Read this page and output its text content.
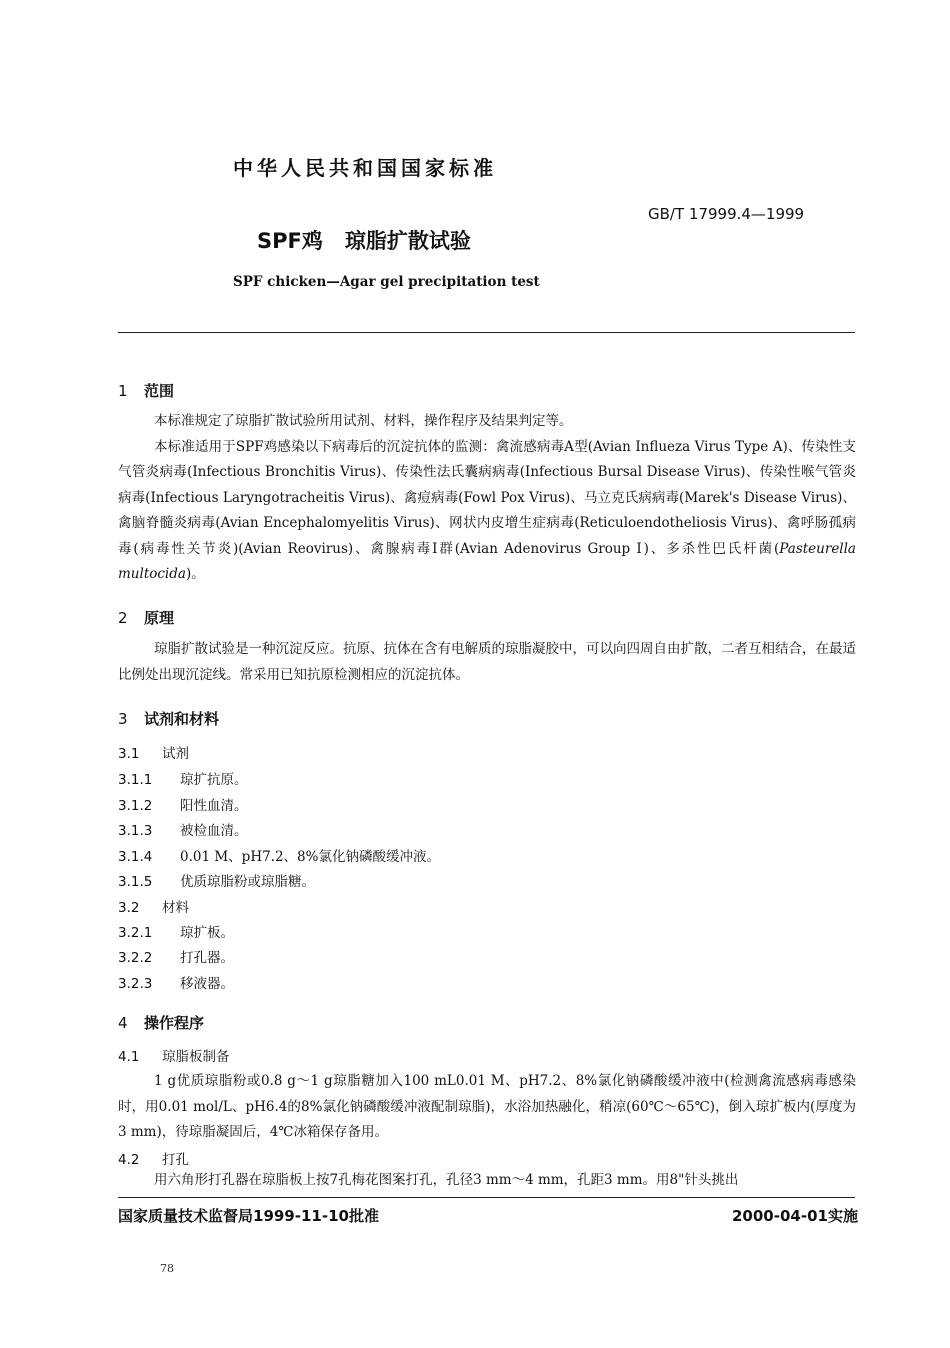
中华人民共和国国家标准
GB/T 17999.4—1999
SPF鸡 琼脂扩散试验
SPF chicken—Agar gel precipitation test
1 范围

本标准规定了琼脂扩散试验所用试剂、材料，操作程序及结果判定等。

本标准适用于SPF鸡感染以下病毒后的沉淀抗体的监测：禽流感病毒A型(Avian Influeza Virus Type A)、传染性支气管炎病毒(Infectious Bronchitis Virus)、传染性法氏囊病病毒(Infectious Bursal Disease Virus)、传染性喉气管炎病毒(Infectious Laryngotracheitis Virus)、禽痘病毒(Fowl Pox Virus)、马立克氏病病毒(Marek's Disease Virus)、禽脑脊髓炎病毒(Avian Encephalomyelitis Virus)、网状内皮增生症病毒(Reticuloendotheliosis Virus)、禽呼肠孤病毒(病毒性关节炎)(Avian Reovirus)、禽腺病毒Ⅰ群(Avian Adenovirus Group Ⅰ)、多杀性巴氏杆菌(Pasteurella multocida)。

2 原理

琼脂扩散试验是一种沉淀反应。抗原、抗体在含有电解质的琼脂凝胶中，可以向四周自由扩散，二者互相结合，在最适比例处出现沉淀线。常采用已知抗原检测相应的沉淀抗体。

3 试剂和材料
3.1 试剂
3.1.1 琼扩抗原。
3.1.2 阳性血清。
3.1.3 被检血清。
3.1.4 0.01 M、pH7.2、8%氯化钠磷酸缓冲液。
3.1.5 优质琼脂粉或琼脂糖。
3.2 材料
3.2.1 琼扩板。
3.2.2 打孔器。
3.2.3 移液器。
4 操作程序
4.1 琼脂板制备

1 g优质琼脂粉或0.8 g～1 g琼脂糖加入100 mL0.01 M、pH7.2、8%氯化钠磷酸缓冲液中(检测禽流感病毒感染时，用0.01 mol/L、pH6.4的8%氯化钠磷酸缓冲液配制琼脂)，水浴加热融化，稍凉(60℃～65℃)，倒入琼扩板内(厚度为3 mm)，待琼脂凝固后，4℃冰箱保存备用。

4.2 打孔

用六角形打孔器在琼脂板上按7孔梅花图案打孔，孔径3 mm～4 mm，孔距3 mm。用8"针头挑出

国家质量技术监督局1999-11-10批准	2000-04-01实施
78
